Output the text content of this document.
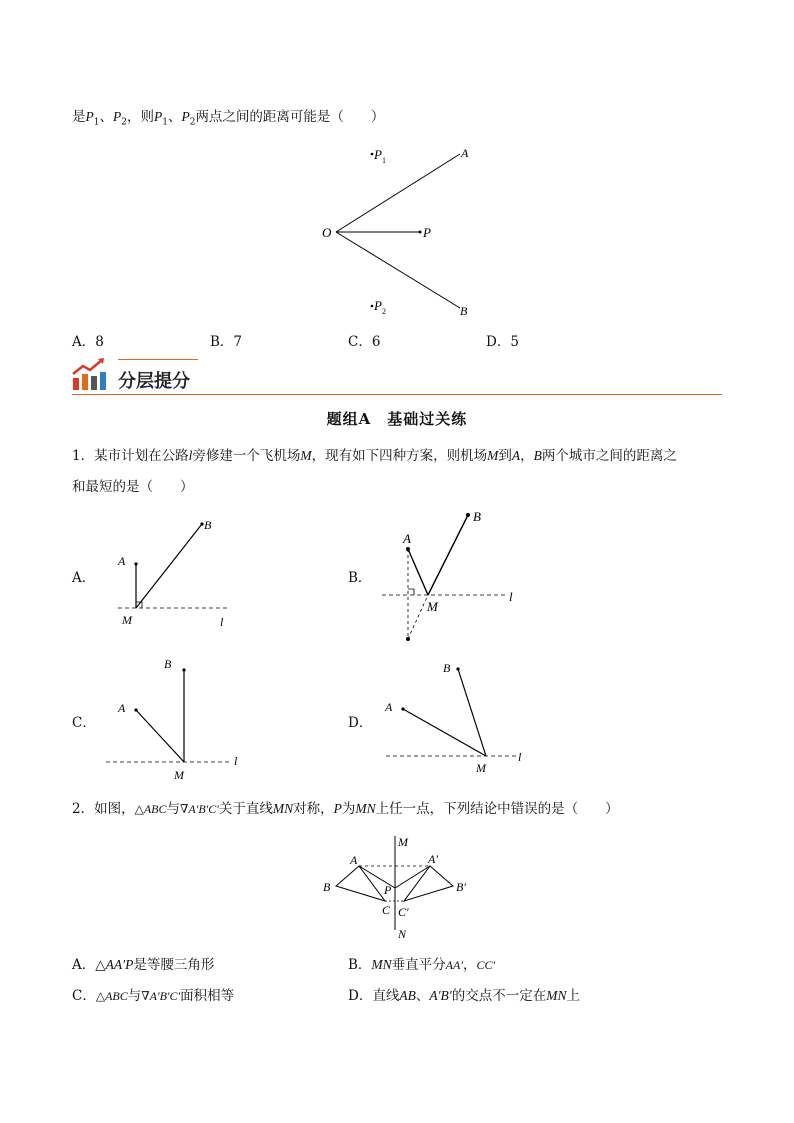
是$P_1$、$P_2$，则$P_1$、$P_2$两点之间的距离可能是（　　）
$P_1$
A
O	P
$P_2$	B
A．8	B．7	C．6	D．5
分层提分
题组A　基础过关练
1．某市计划在公路l旁修建一个飞机场M，现有如下四种方案，则机场M到A，B两个城市之间的距离之
和最短的是（　　）
A．	B．
C．	D．
A
B
M	l
A
B
M
l
A
B
M
l
A
B
M
l
2．如图，△ABC与∇A′B′C′关于直线MN对称，P为MN上任一点，下列结论中错误的是（　　）
M
A	A′
B	B′
P
C C′
N
A．△AA′P是等腰三角形	B．MN垂直平分AA′，CC′
C．△ABC与∇A′B′C′面积相等	D．直线AB、A′B′的交点不一定在MN上
